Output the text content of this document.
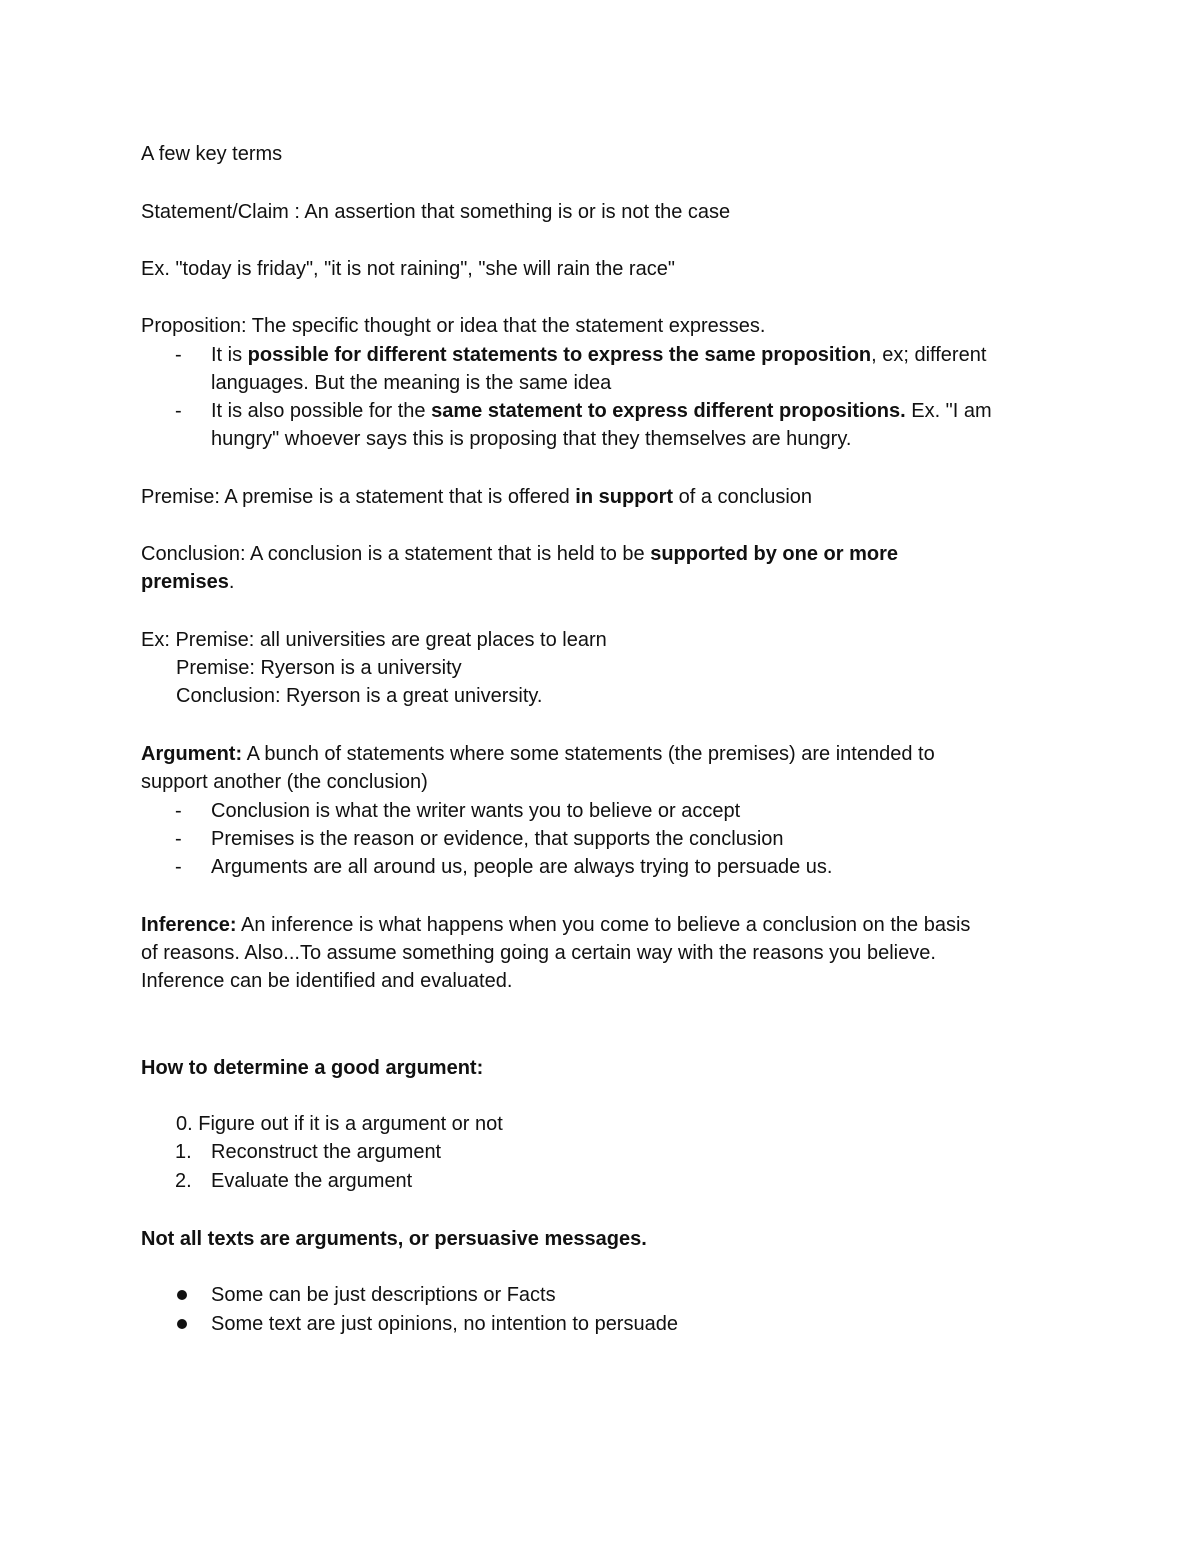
A few key terms
Statement/Claim : An assertion that something is or is not the case
Ex. "today is friday", "it is not raining", "she will rain the race"
Proposition: The specific thought or idea that the statement expresses.
- It is possible for different statements to express the same proposition, ex; different
languages. But the meaning is the same idea
- It is also possible for the same statement to express different propositions. Ex. "I am
hungry" whoever says this is proposing that they themselves are hungry.
Premise: A premise is a statement that is offered in support of a conclusion
Conclusion: A conclusion is a statement that is held to be supported by one or more
premises.
Ex: Premise: all universities are great places to learn
Premise: Ryerson is a university
Conclusion: Ryerson is a great university.
Argument: A bunch of statements where some statements (the premises) are intended to
support another (the conclusion)
- Conclusion is what the writer wants you to believe or accept
- Premises is the reason or evidence, that supports the conclusion
- Arguments are all around us, people are always trying to persuade us.
Inference: An inference is what happens when you come to believe a conclusion on the basis
of reasons. Also...To assume something going a certain way with the reasons you believe.
Inference can be identified and evaluated.
How to determine a good argument:
0. Figure out if it is a argument or not
1. Reconstruct the argument
2. Evaluate the argument
Not all texts are arguments, or persuasive messages.
Some can be just descriptions or Facts
Some text are just opinions, no intention to persuade
